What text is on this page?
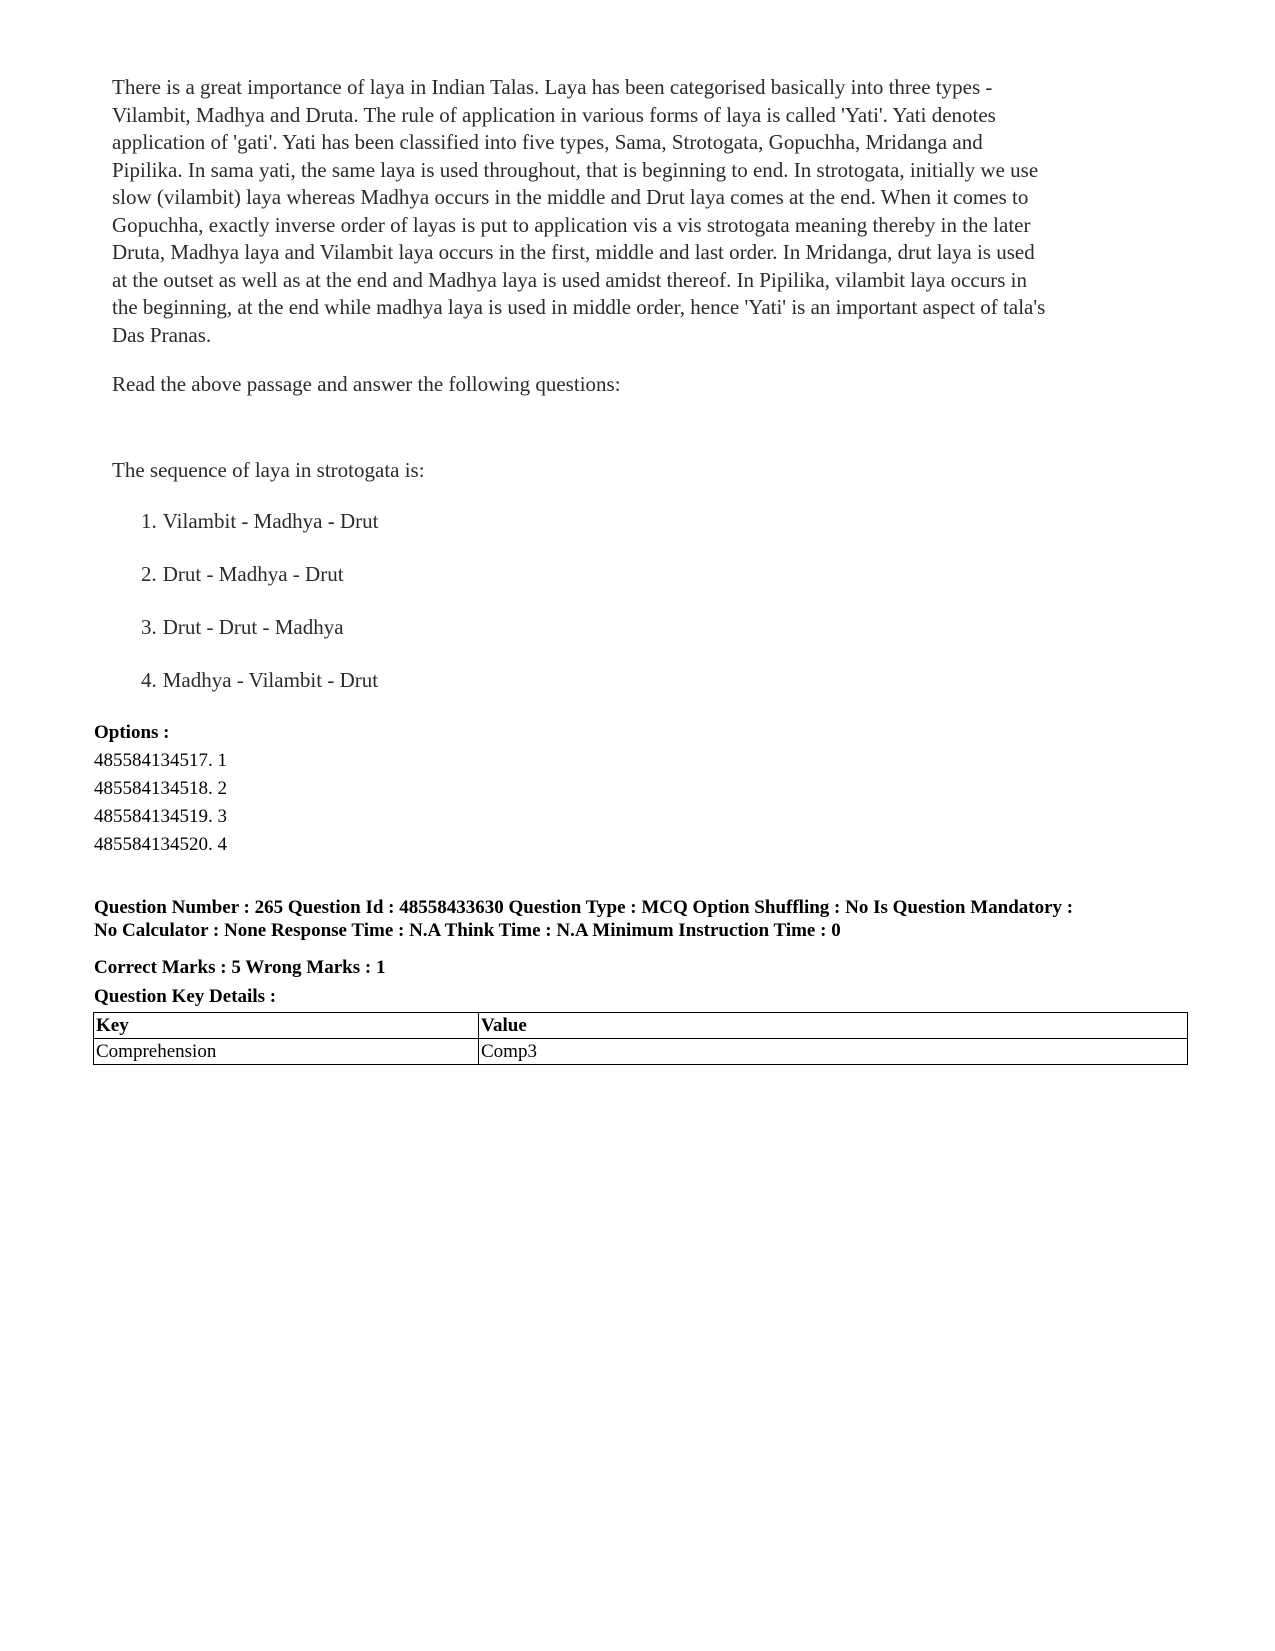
There is a great importance of laya in Indian Talas. Laya has been categorised basically into three types -

Vilambit, Madhya and Druta. The rule of application in various forms of laya is called 'Yati'. Yati denotes

application of 'gati'. Yati has been classified into five types, Sama, Strotogata, Gopuchha, Mridanga and

Pipilika. In sama yati, the same laya is used throughout, that is beginning to end. In strotogata, initially we use

slow (vilambit) laya whereas Madhya occurs in the middle and Drut laya comes at the end. When it comes to

Gopuchha, exactly inverse order of layas is put to application vis a vis strotogata meaning thereby in the later

Druta, Madhya laya and Vilambit laya occurs in the first, middle and last order. In Mridanga, drut laya is used

at the outset as well as at the end and Madhya laya is used amidst thereof. In Pipilika, vilambit laya occurs in

the beginning, at the end while madhya laya is used in middle order, hence 'Yati' is an important aspect of tala's

Das Pranas.

Read the above passage and answer the following questions:
The sequence of laya in strotogata is:
1. Vilambit - Madhya - Drut
2. Drut - Madhya - Drut
3. Drut - Drut - Madhya
4. Madhya - Vilambit - Drut
Options :
485584134517. 1
485584134518. 2
485584134519. 3
485584134520. 4
Question Number : 265 Question Id : 48558433630 Question Type : MCQ Option Shuffling : No Is Question Mandatory :
No Calculator : None Response Time : N.A Think Time : N.A Minimum Instruction Time : 0
Correct Marks : 5 Wrong Marks : 1
Question Key Details :
Key	Value
Comprehension	Comp3
